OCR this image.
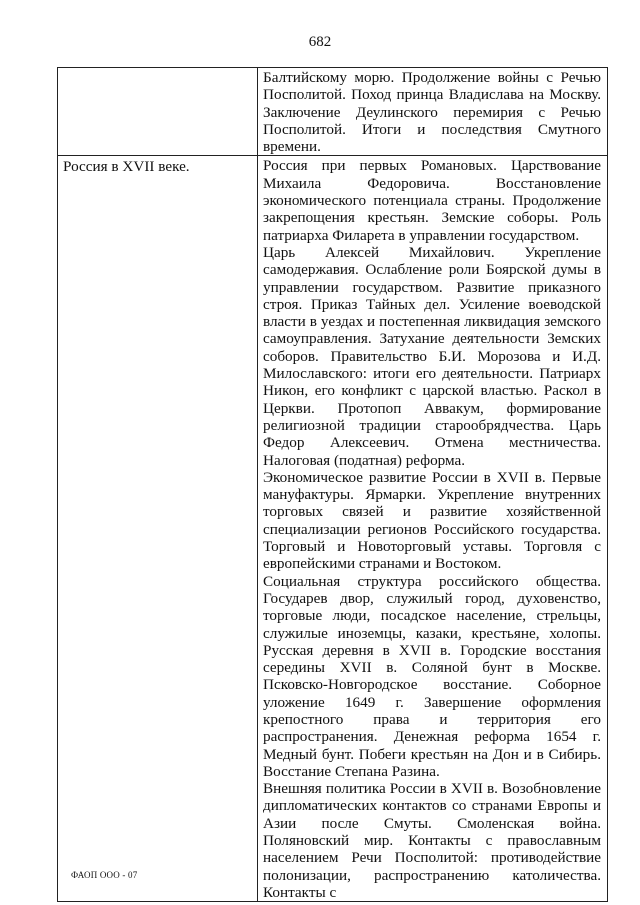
682

	Балтийскому морю. Продолжение войны с Речью Посполитой. Поход принца Владислава на Москву. Заключение Деулинского перемирия с Речью Посполитой. Итоги и последствия Смутного времени.

Россия в XVII веке.	Россия при первых Романовых. Царствование Михаила Федоровича. Восстановление экономического потенциала страны. Продолжение закрепощения крестьян. Земские соборы. Роль патриарха Филарета в управлении государством.

Царь Алексей Михайлович. Укрепление самодержавия. Ослабление роли Боярской думы в управлении государством. Развитие приказного строя. Приказ Тайных дел. Усиление воеводской власти в уездах и постепенная ликвидация земского самоуправления. Затухание деятельности Земских соборов. Правительство Б.И. Морозова и И.Д. Милославского: итоги его деятельности. Патриарх Никон, его конфликт с царской властью. Раскол в Церкви. Протопоп Аввакум, формирование религиозной традиции старообрядчества. Царь Федор Алексеевич. Отмена местничества. Налоговая (податная) реформа.

Экономическое развитие России в XVII в. Первые мануфактуры. Ярмарки. Укрепление внутренних торговых связей и развитие хозяйственной специализации регионов Российского государства. Торговый и Новоторговый уставы. Торговля с европейскими странами и Востоком.

Социальная структура российского общества. Государев двор, служилый город, духовенство, торговые люди, посадское население, стрельцы, служилые иноземцы, казаки, крестьяне, холопы. Русская деревня в XVII в. Городские восстания середины XVII в. Соляной бунт в Москве. Псковско-Новгородское восстание. Соборное уложение 1649 г. Завершение оформления крепостного права и территория его распространения. Денежная реформа 1654 г. Медный бунт. Побеги крестьян на Дон и в Сибирь. Восстание Степана Разина.

Внешняя политика России в XVII в. Возобновление дипломатических контактов со странами Европы и Азии после Смуты. Смоленская война. Поляновский мир. Контакты с православным населением Речи Посполитой: противодействие полонизации, распространению католичества. Контакты с

ФАОП ООО - 07
